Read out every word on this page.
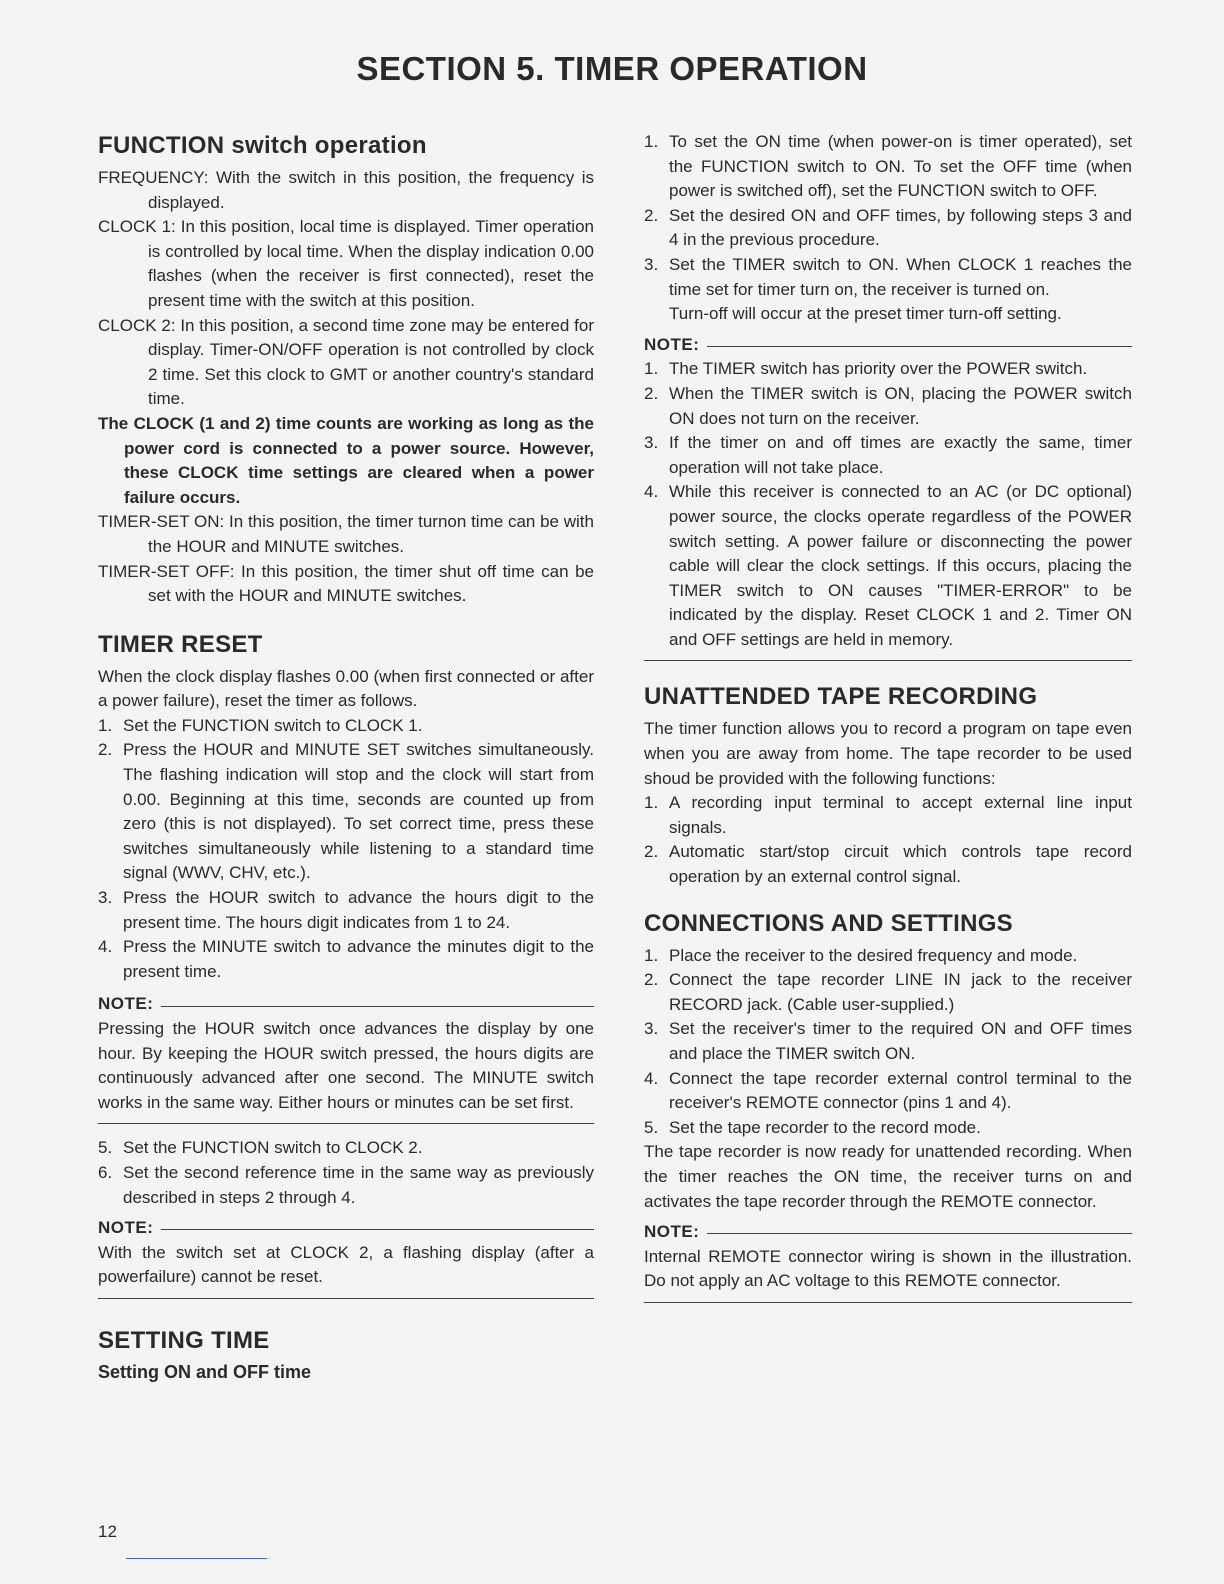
SECTION 5. TIMER OPERATION
FUNCTION switch operation

FREQUENCY: With the switch in this position, the frequency is displayed.

CLOCK 1: In this position, local time is displayed. Timer operation is controlled by local time. When the display indication 0.00 flashes (when the receiver is first connected), reset the present time with the switch at this position.

CLOCK 2: In this position, a second time zone may be entered for display. Timer-ON/OFF operation is not controlled by clock 2 time. Set this clock to GMT or another country's standard time.

The CLOCK (1 and 2) time counts are working as long as the power cord is connected to a power source. However, these CLOCK time settings are cleared when a power failure occurs.

TIMER-SET ON: In this position, the timer turnon time can be with the HOUR and MINUTE switches.

TIMER-SET OFF: In this position, the timer shut off time can be set with the HOUR and MINUTE switches.

TIMER RESET

When the clock display flashes 0.00 (when first connected or after a power failure), reset the timer as follows.

1. Set the FUNCTION switch to CLOCK 1.
2. Press the HOUR and MINUTE SET switches simultaneously. The flashing indication will stop and the clock will start from 0.00. Beginning at this time, seconds are counted up from zero (this is not displayed). To set correct time, press these switches simultaneously while listening to a standard time signal (WWV, CHV, etc.).
3. Press the HOUR switch to advance the hours digit to the present time. The hours digit indicates from 1 to 24.
4. Press the MINUTE switch to advance the minutes digit to the present time.
NOTE:

Pressing the HOUR switch once advances the display by one hour. By keeping the HOUR switch pressed, the hours digits are continuously advanced after one second. The MINUTE switch works in the same way. Either hours or minutes can be set first.

5. Set the FUNCTION switch to CLOCK 2.
6. Set the second reference time in the same way as previously described in steps 2 through 4.
NOTE:

With the switch set at CLOCK 2, a flashing display (after a powerfailure) cannot be reset.

SETTING TIME
Setting ON and OFF time
1. To set the ON time (when power-on is timer operated), set the FUNCTION switch to ON. To set the OFF time (when power is switched off), set the FUNCTION switch to OFF.
2. Set the desired ON and OFF times, by following steps 3 and 4 in the previous procedure.
3. Set the TIMER switch to ON. When CLOCK 1 reaches the time set for timer turn on, the receiver is turned on.
Turn-off will occur at the preset timer turn-off setting.
NOTE:
1. The TIMER switch has priority over the POWER switch.
2. When the TIMER switch is ON, placing the POWER switch ON does not turn on the receiver.
3. If the timer on and off times are exactly the same, timer operation will not take place.
4. While this receiver is connected to an AC (or DC optional) power source, the clocks operate regardless of the POWER switch setting. A power failure or disconnecting the power cable will clear the clock settings. If this occurs, placing the TIMER switch to ON causes "TIMER-ERROR" to be indicated by the display. Reset CLOCK 1 and 2. Timer ON and OFF settings are held in memory.
UNATTENDED TAPE RECORDING

The timer function allows you to record a program on tape even when you are away from home. The tape recorder to be used shoud be provided with the following functions:

1. A recording input terminal to accept external line input signals.
2. Automatic start/stop circuit which controls tape record operation by an external control signal.
CONNECTIONS AND SETTINGS
1. Place the receiver to the desired frequency and mode.
2. Connect the tape recorder LINE IN jack to the receiver RECORD jack. (Cable user-supplied.)
3. Set the receiver's timer to the required ON and OFF times and place the TIMER switch ON.
4. Connect the tape recorder external control terminal to the receiver's REMOTE connector (pins 1 and 4).
5. Set the tape recorder to the record mode.

The tape recorder is now ready for unattended recording. When the timer reaches the ON time, the receiver turns on and activates the tape recorder through the REMOTE connector.

NOTE:

Internal REMOTE connector wiring is shown in the illustration. Do not apply an AC voltage to this REMOTE connector.

12
